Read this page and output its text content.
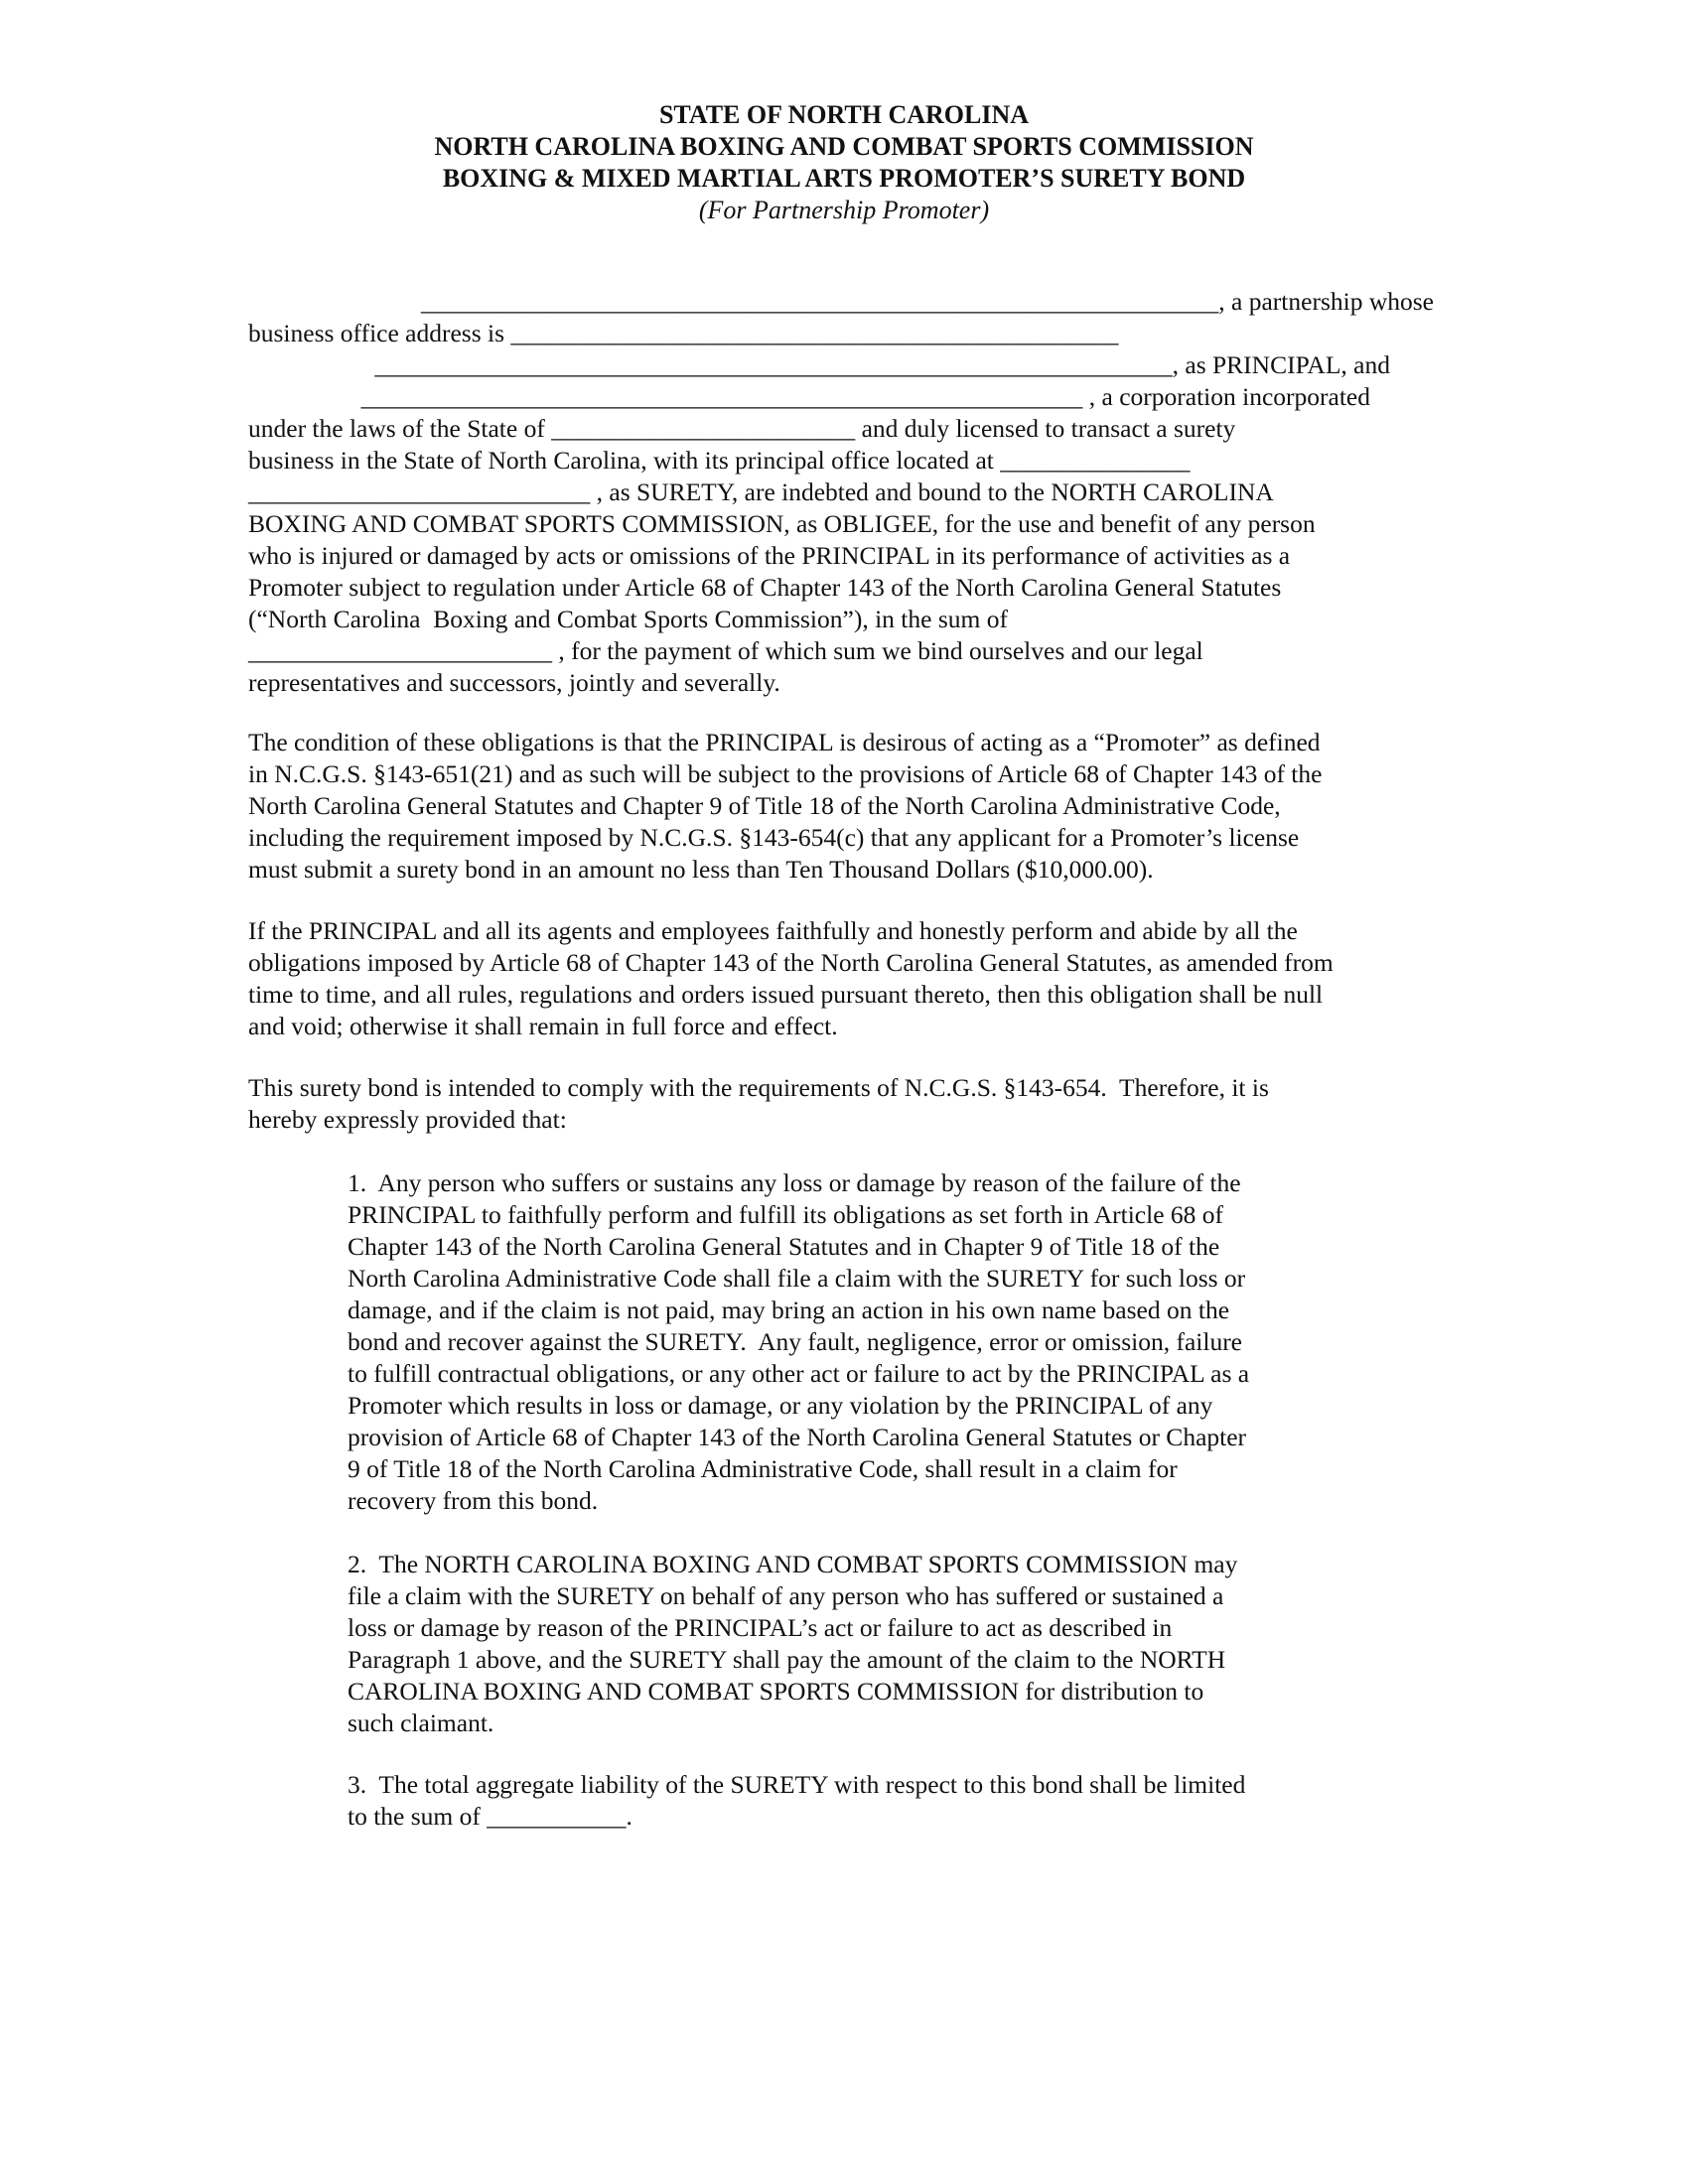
STATE OF NORTH CAROLINA
NORTH CAROLINA BOXING AND COMBAT SPORTS COMMISSION
BOXING & MIXED MARTIAL ARTS PROMOTER’S SURETY BOND
(For Partnership Promoter)
_______________________________________________________________, a partnership whose
business office address is ________________________________________________
_______________________________________________________________, as PRINCIPAL, and
_________________________________________________________ , a corporation incorporated
under the laws of the State of ________________________ and duly licensed to transact a surety
business in the State of North Carolina, with its principal office located at _______________
___________________________ , as SURETY, are indebted and bound to the NORTH CAROLINA
BOXING AND COMBAT SPORTS COMMISSION, as OBLIGEE, for the use and benefit of any person
who is injured or damaged by acts or omissions of the PRINCIPAL in its performance of activities as a
Promoter subject to regulation under Article 68 of Chapter 143 of the North Carolina General Statutes
(“North Carolina  Boxing and Combat Sports Commission”), in the sum of
________________________ , for the payment of which sum we bind ourselves and our legal
representatives and successors, jointly and severally.
The condition of these obligations is that the PRINCIPAL is desirous of acting as a “Promoter” as defined
in N.C.G.S. §143-651(21) and as such will be subject to the provisions of Article 68 of Chapter 143 of the
North Carolina General Statutes and Chapter 9 of Title 18 of the North Carolina Administrative Code,
including the requirement imposed by N.C.G.S. §143-654(c) that any applicant for a Promoter’s license
must submit a surety bond in an amount no less than Ten Thousand Dollars ($10,000.00).
If the PRINCIPAL and all its agents and employees faithfully and honestly perform and abide by all the
obligations imposed by Article 68 of Chapter 143 of the North Carolina General Statutes, as amended from
time to time, and all rules, regulations and orders issued pursuant thereto, then this obligation shall be null
and void; otherwise it shall remain in full force and effect.
This surety bond is intended to comply with the requirements of N.C.G.S. §143-654.  Therefore, it is
hereby expressly provided that:
1.  Any person who suffers or sustains any loss or damage by reason of the failure of the
PRINCIPAL to faithfully perform and fulfill its obligations as set forth in Article 68 of
Chapter 143 of the North Carolina General Statutes and in Chapter 9 of Title 18 of the
North Carolina Administrative Code shall file a claim with the SURETY for such loss or
damage, and if the claim is not paid, may bring an action in his own name based on the
bond and recover against the SURETY.  Any fault, negligence, error or omission, failure
to fulfill contractual obligations, or any other act or failure to act by the PRINCIPAL as a
Promoter which results in loss or damage, or any violation by the PRINCIPAL of any
provision of Article 68 of Chapter 143 of the North Carolina General Statutes or Chapter
9 of Title 18 of the North Carolina Administrative Code, shall result in a claim for
recovery from this bond.
2.  The NORTH CAROLINA BOXING AND COMBAT SPORTS COMMISSION may
file a claim with the SURETY on behalf of any person who has suffered or sustained a
loss or damage by reason of the PRINCIPAL’s act or failure to act as described in
Paragraph 1 above, and the SURETY shall pay the amount of the claim to the NORTH
CAROLINA BOXING AND COMBAT SPORTS COMMISSION for distribution to
such claimant.
3.  The total aggregate liability of the SURETY with respect to this bond shall be limited
to the sum of ___________.
